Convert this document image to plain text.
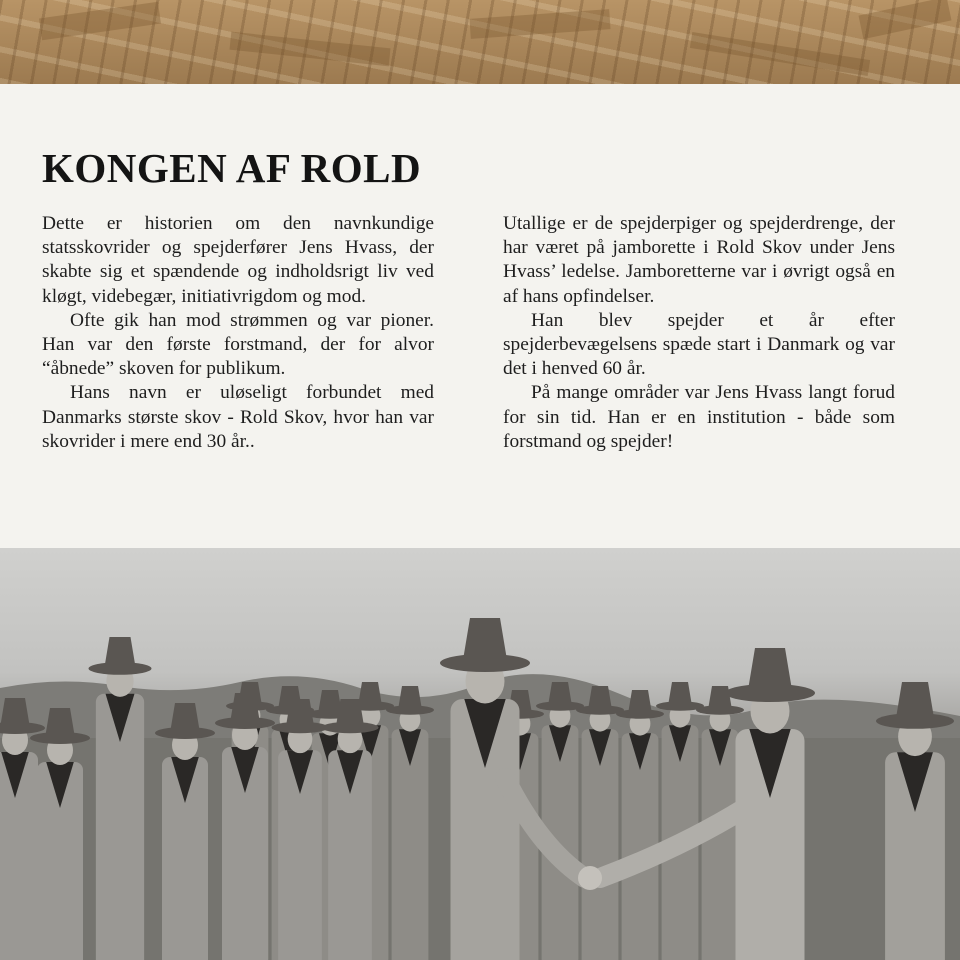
KONGEN AF ROLD

Dette er historien om den navnkundige statsskovrider og spejderfører Jens Hvass, der skabte sig et spændende og indholdsrigt liv ved kløgt, videbegær, initiativrigdom og mod.

Ofte gik han mod strømmen og var pioner. Han var den første forstmand, der for alvor “åbnede” skoven for publikum.

Hans navn er uløseligt forbundet med Danmarks største skov - Rold Skov, hvor han var skovrider i mere end 30 år..

Utallige er de spejderpiger og spejderdrenge, der har været på jamborette i Rold Skov under Jens Hvass’ ledelse. Jamboretterne var i øvrigt også en af hans opfindelser.

Han blev spejder et år efter spejderbevægelsens spæde start i Danmark og var det i henved 60 år.

På mange områder var Jens Hvass langt forud for sin tid. Han er en institution - både som forstmand og spejder!
